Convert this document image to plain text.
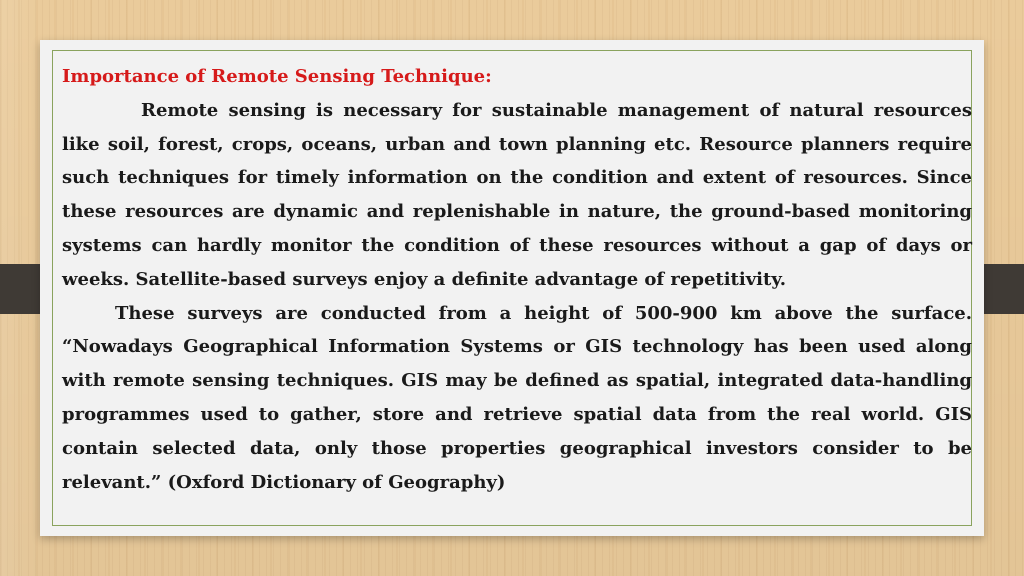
Importance of Remote Sensing Technique:

Remote sensing is necessary for sustainable management of natural resources like soil, forest, crops, oceans, urban and town planning etc. Resource planners require such techniques for timely information on the condition and extent of resources. Since these resources are dynamic and replenishable in nature, the ground-based monitoring systems can hardly monitor the condition of these resources without a gap of days or weeks. Satellite-based surveys enjoy a definite advantage of repetitivity.

These surveys are conducted from a height of 500-900 km above the surface. “Nowadays Geographical Information Systems or GIS technology has been used along with remote sensing techniques. GIS may be defined as spatial, integrated data-handling programmes used to gather, store and retrieve spatial data from the real world. GIS contain selected data, only those properties geographical investors consider to be relevant.” (Oxford Dictionary of Geography)
